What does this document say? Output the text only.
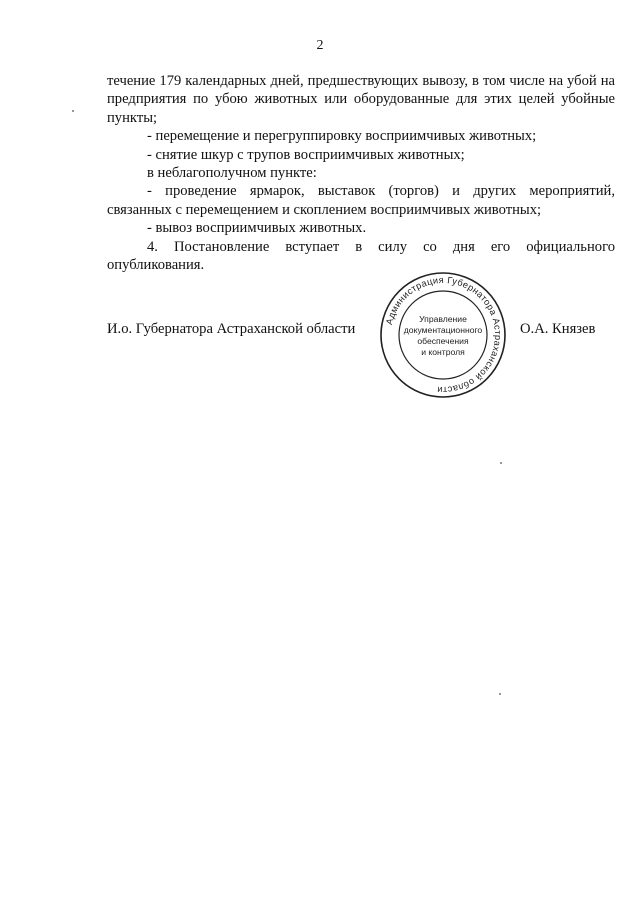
2

течение 179 календарных дней, предшествующих вывозу, в том числе на убой на предприятия по убою животных или оборудованные для этих целей убойные пункты;

- перемещение и перегруппировку восприимчивых животных;

- снятие шкур с трупов восприимчивых животных;

в неблагополучном пункте:

- проведение ярмарок, выставок (торгов) и других мероприятий, связанных с перемещением и скоплением восприимчивых животных;

- вывоз восприимчивых животных.

4. Постановление вступает в силу со дня его официального опубликования.

И.о. Губернатора Астраханской области	Администрация Губернатора Астраханской области
Управление
документационного
обеспечения
и контроля
О.А. Князев
